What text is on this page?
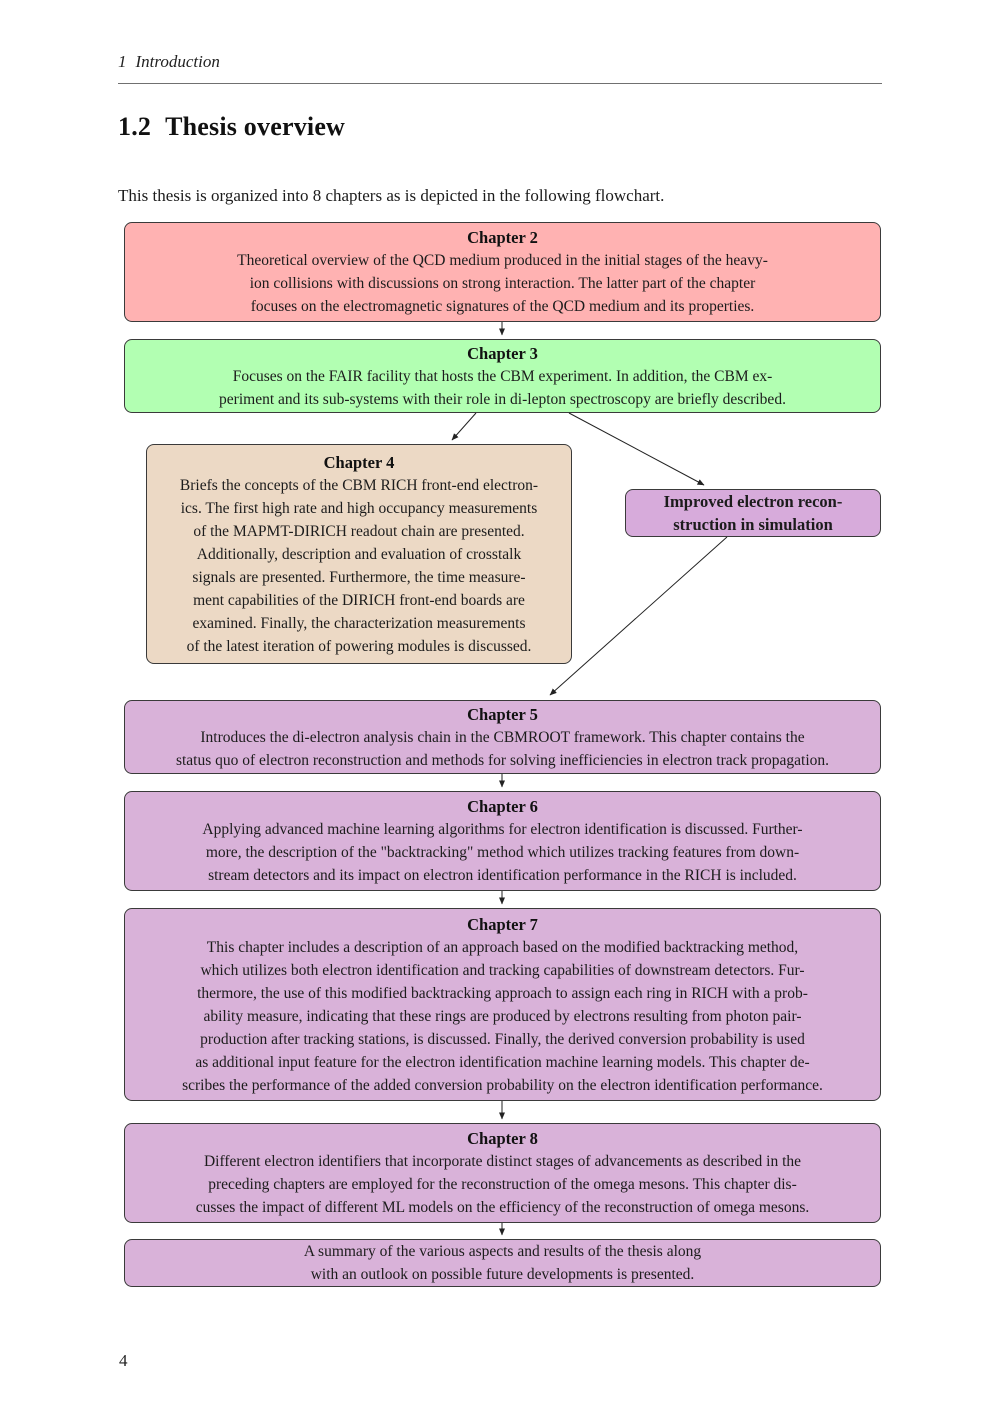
1 Introduction
1.2 Thesis overview
This thesis is organized into 8 chapters as is depicted in the following flowchart.
Chapter 2
Theoretical overview of the QCD medium produced in the initial stages of the heavy-
ion collisions with discussions on strong interaction. The latter part of the chapter
focuses on the electromagnetic signatures of the QCD medium and its properties.
Chapter 3
Focuses on the FAIR facility that hosts the CBM experiment. In addition, the CBM ex-
periment and its sub-systems with their role in di-lepton spectroscopy are briefly described.
Chapter 4
Briefs the concepts of the CBM RICH front-end electron-
ics. The first high rate and high occupancy measurements
of the MAPMT-DIRICH readout chain are presented.
Additionally, description and evaluation of crosstalk
signals are presented. Furthermore, the time measure-
ment capabilities of the DIRICH front-end boards are
examined. Finally, the characterization measurements
of the latest iteration of powering modules is discussed.
Improved electron recon-
struction in simulation
Chapter 5
Introduces the di-electron analysis chain in the CBMROOT framework. This chapter contains the
status quo of electron reconstruction and methods for solving inefficiencies in electron track propagation.
Chapter 6
Applying advanced machine learning algorithms for electron identification is discussed. Further-
more, the description of the "backtracking" method which utilizes tracking features from down-
stream detectors and its impact on electron identification performance in the RICH is included.
Chapter 7
This chapter includes a description of an approach based on the modified backtracking method,
which utilizes both electron identification and tracking capabilities of downstream detectors. Fur-
thermore, the use of this modified backtracking approach to assign each ring in RICH with a prob-
ability measure, indicating that these rings are produced by electrons resulting from photon pair-
production after tracking stations, is discussed. Finally, the derived conversion probability is used
as additional input feature for the electron identification machine learning models. This chapter de-
scribes the performance of the added conversion probability on the electron identification performance.
Chapter 8
Different electron identifiers that incorporate distinct stages of advancements as described in the
preceding chapters are employed for the reconstruction of the omega mesons. This chapter dis-
cusses the impact of different ML models on the efficiency of the reconstruction of omega mesons.
A summary of the various aspects and results of the thesis along
with an outlook on possible future developments is presented.
4
